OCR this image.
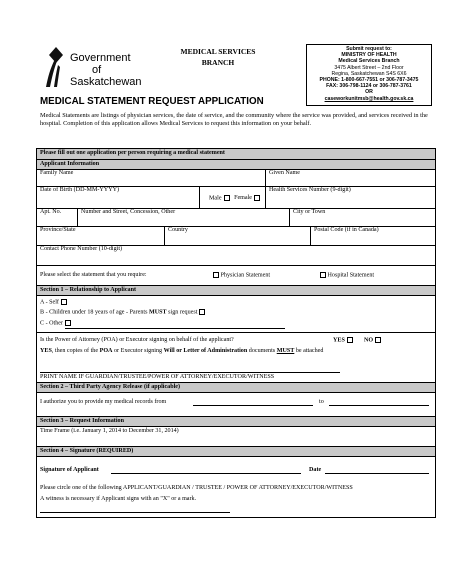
Government
of
Saskatchewan
MEDICAL SERVICES
BRANCH
Submit request to:
MINISTRY OF HEALTH
Medical Services Branch
3475 Albert Street – 2nd Floor
Regina, Saskatchewan S4S 6X6
PHONE: 1-800-667-7551 or 306-787-3475
FAX: 306-798-1124 or 306-787-3761
OR
caseworkunitmsb@health.gov.sk.ca
MEDICAL STATEMENT REQUEST APPLICATION
Medical Statements are listings of physician services, the date of service, and the community where the service was provided, and services received in the hospital. Completion of this application allows Medical Services to request this information on your behalf.
Please fill out one application per person requiring a medical statement
Applicant Information
Family Name	Given Name
Date of Birth (DD-MM-YYYY)
Male Female
Health Services Number (9-digit)
Apt. No.	Number and Street, Concession, Other	City or Town
Province/State	Country	Postal Code (if in Canada)
Contact Phone Number (10-digit)
Please select the statement that you require:	Physician Statement	Hospital Statement
Section 1 – Relationship to Applicant
A - Self
B - Children under 18 years of age - Parents MUST sign request
C - Other
Is the Power of Attorney (POA) or Executor signing on behalf of the applicant?	YES	NO
YES, then copies of the POA or Executor signing Will or Letter of Administration documents MUST be attached
PRINT NAME IF GUARDIAN/TRUSTEE/POWER OF ATTORNEY/EXECUTOR/WITNESS
Section 2 – Third Party Agency Release (if applicable)
I authorize you to provide my medical records from	to
Section 3 – Request Information
Time Frame (i.e. January 1, 2014 to December 31, 2014)
Section 4 – Signature (REQUIRED)
Signature of Applicant	Date
Please circle one of the following APPLICANT/GUARDIAN / TRUSTEE / POWER OF ATTORNEY/EXECUTOR/WITNESS
A witness is necessary if Applicant signs with an "X" or a mark.
